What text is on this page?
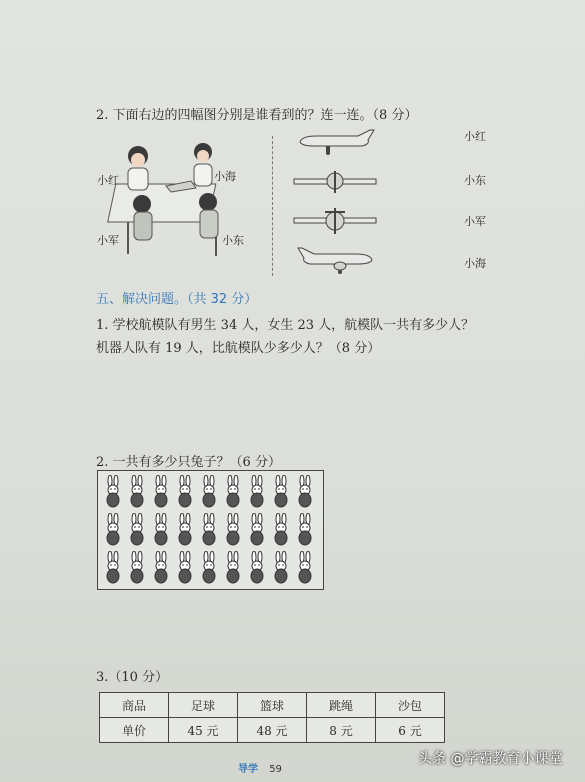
2. 下面右边的四幅图分别是谁看到的？连一连。（8 分）
小红	小海
小军	小东
小红
小东
小军
小海
五、解决问题。（共 32 分）
1. 学校航模队有男生 34 人，女生 23 人，航模队一共有多少人？
机器人队有 19 人，比航模队少多少人？（8 分）
2. 一共有多少只兔子？（6 分）
3.（10 分）
商品	足球	篮球	跳绳	沙包
单价	45 元	48 元	8 元	6 元
导学 59
头条 @学霸教育小课堂
